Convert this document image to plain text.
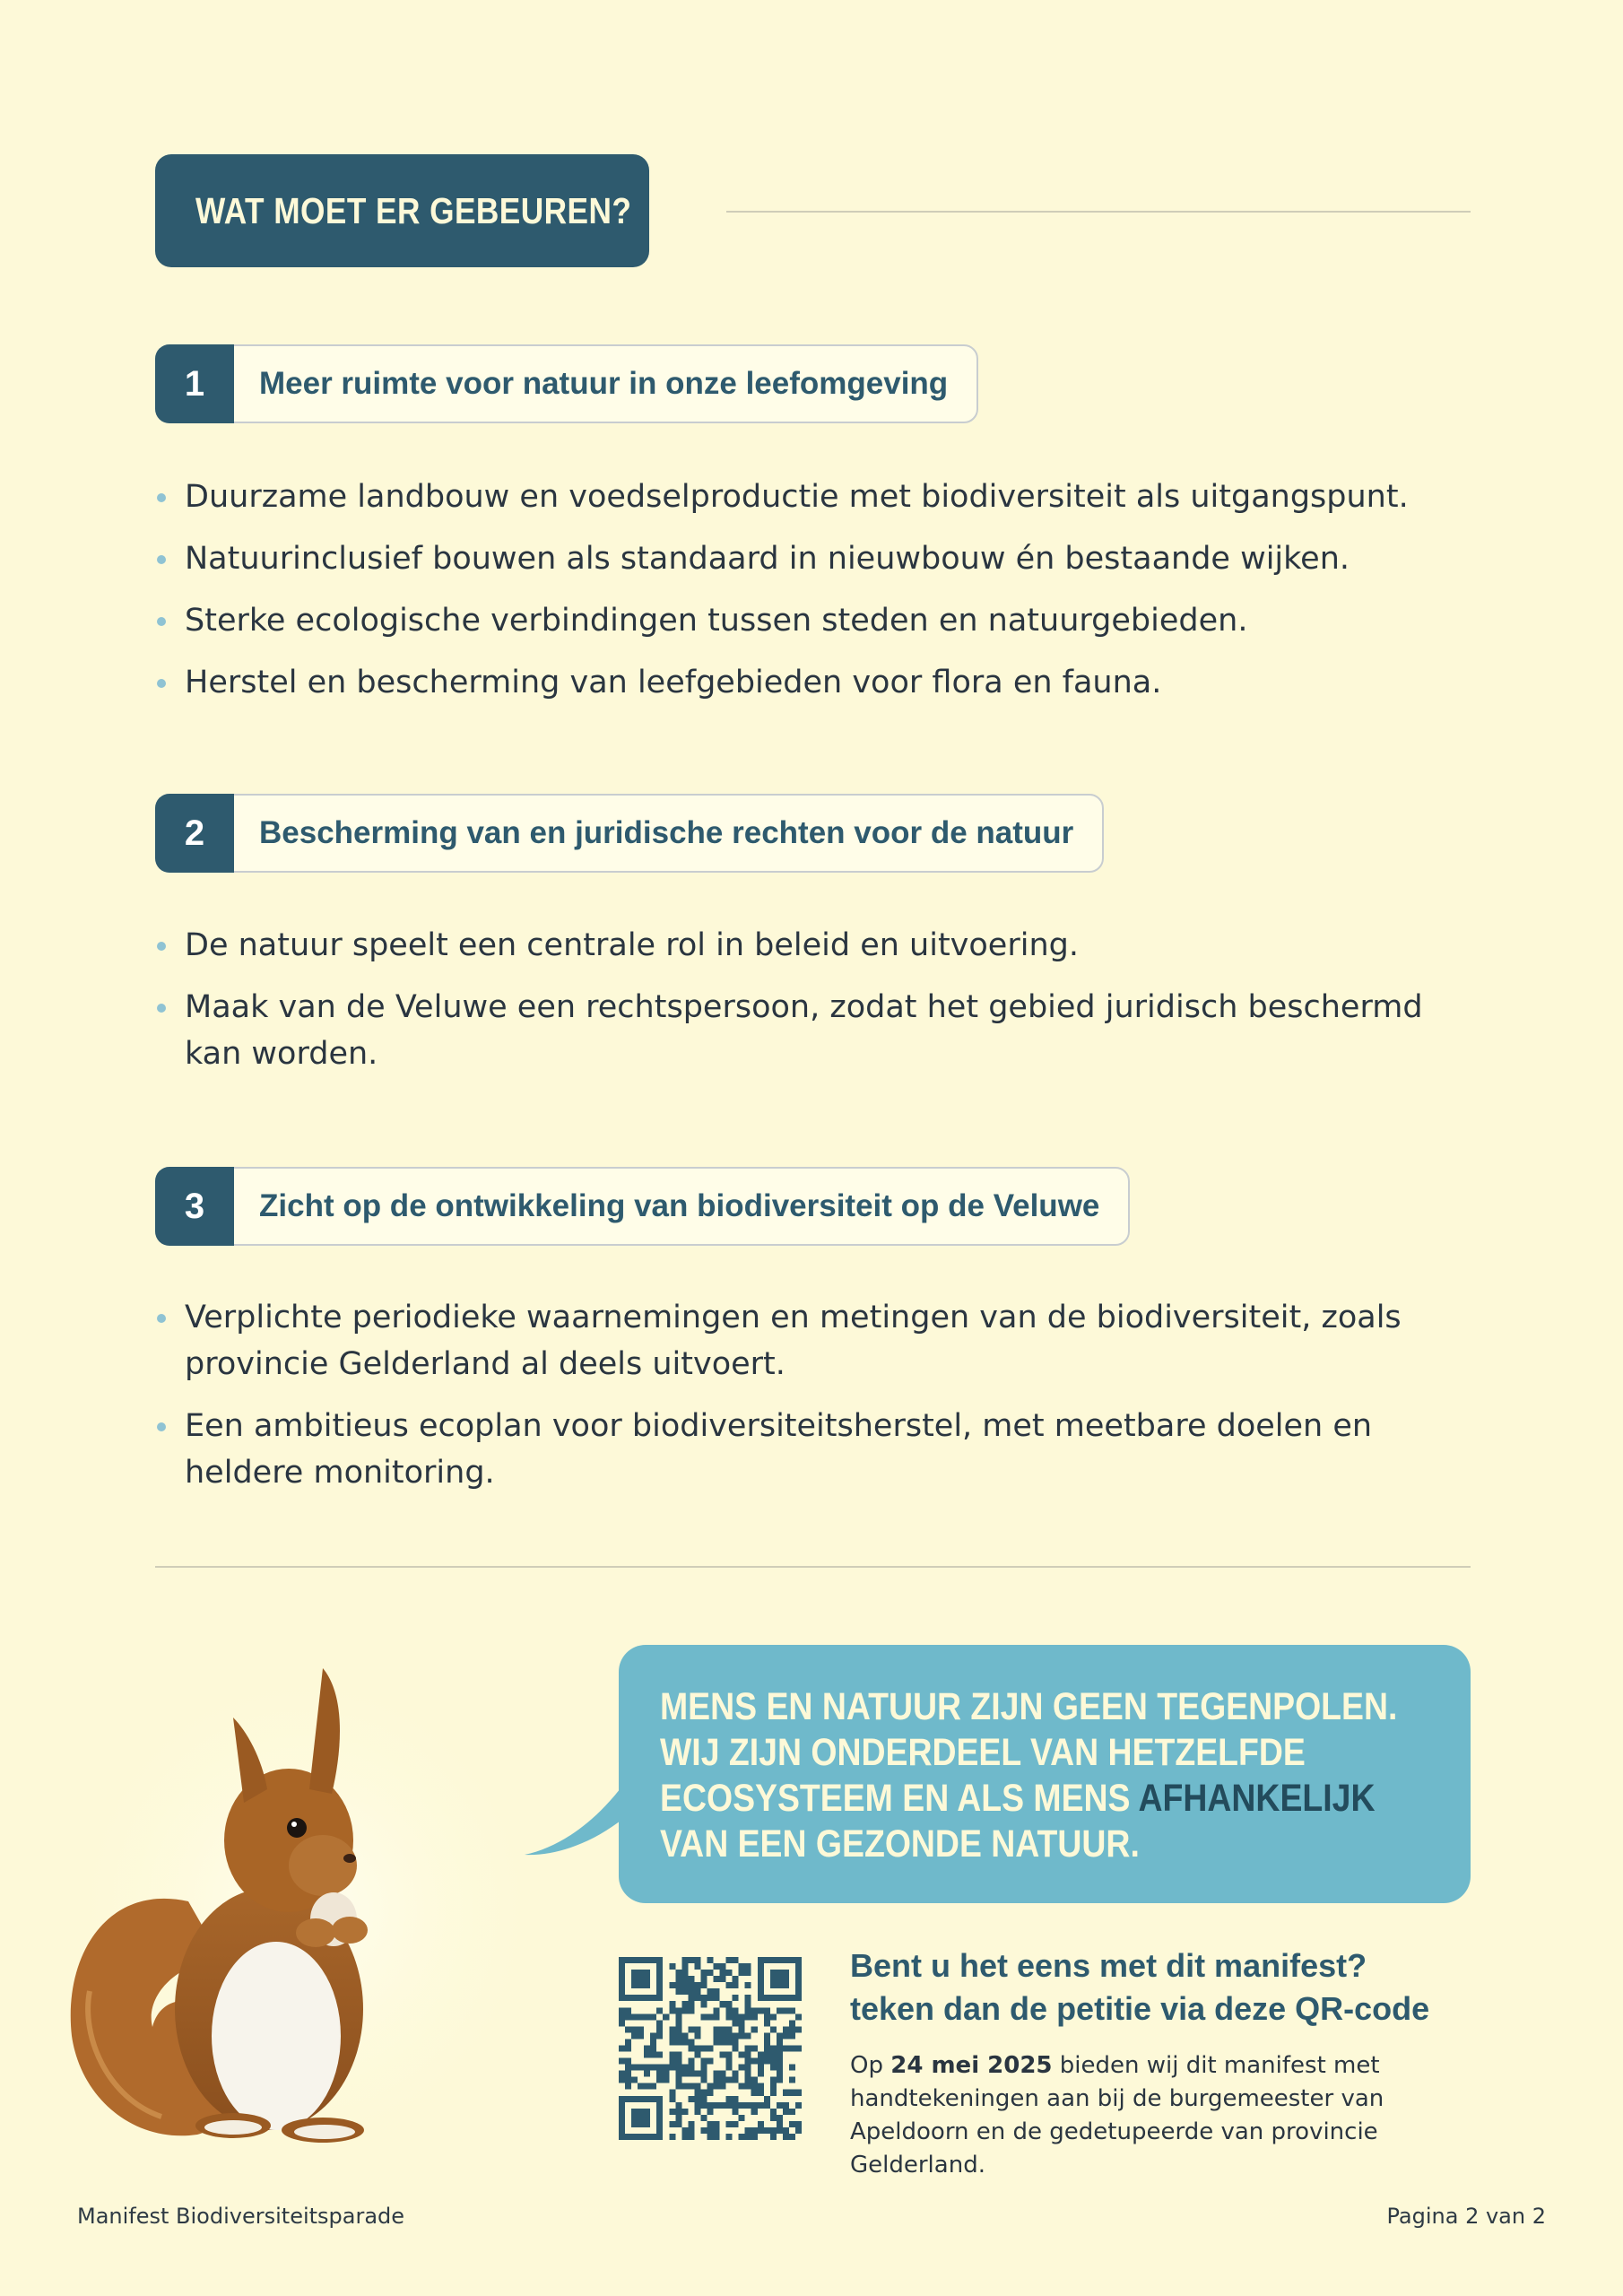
WAT MOET ER GEBEUREN?
1	Meer ruimte voor natuur in onze leefomgeving
Duurzame landbouw en voedselproductie met biodiversiteit als uitgangspunt.
Natuurinclusief bouwen als standaard in nieuwbouw én bestaande wijken.
Sterke ecologische verbindingen tussen steden en natuurgebieden.
Herstel en bescherming van leefgebieden voor flora en fauna.
2	Bescherming van en juridische rechten voor de natuur
De natuur speelt een centrale rol in beleid en uitvoering.
Maak van de Veluwe een rechtspersoon, zodat het gebied juridisch beschermd kan worden.
3	Zicht op de ontwikkeling van biodiversiteit op de Veluwe
Verplichte periodieke waarnemingen en metingen van de biodiversiteit, zoals provincie Gelderland al deels uitvoert.
Een ambitieus ecoplan voor biodiversiteitsherstel, met meetbare doelen en heldere monitoring.

MENS EN NATUUR ZIJN GEEN TEGENPOLEN. WIJ ZIJN ONDERDEEL VAN HETZELFDE ECOSYSTEEM EN ALS MENS AFHANKELIJK VAN EEN GEZONDE NATUUR.

Bent u het eens met dit manifest?
teken dan de petitie via deze QR-code
Op 24 mei 2025 bieden wij dit manifest met handtekeningen aan bij de burgemeester van Apeldoorn en de gedetupeerde van provincie Gelderland.
Manifest Biodiversiteitsparade	Pagina 2 van 2
